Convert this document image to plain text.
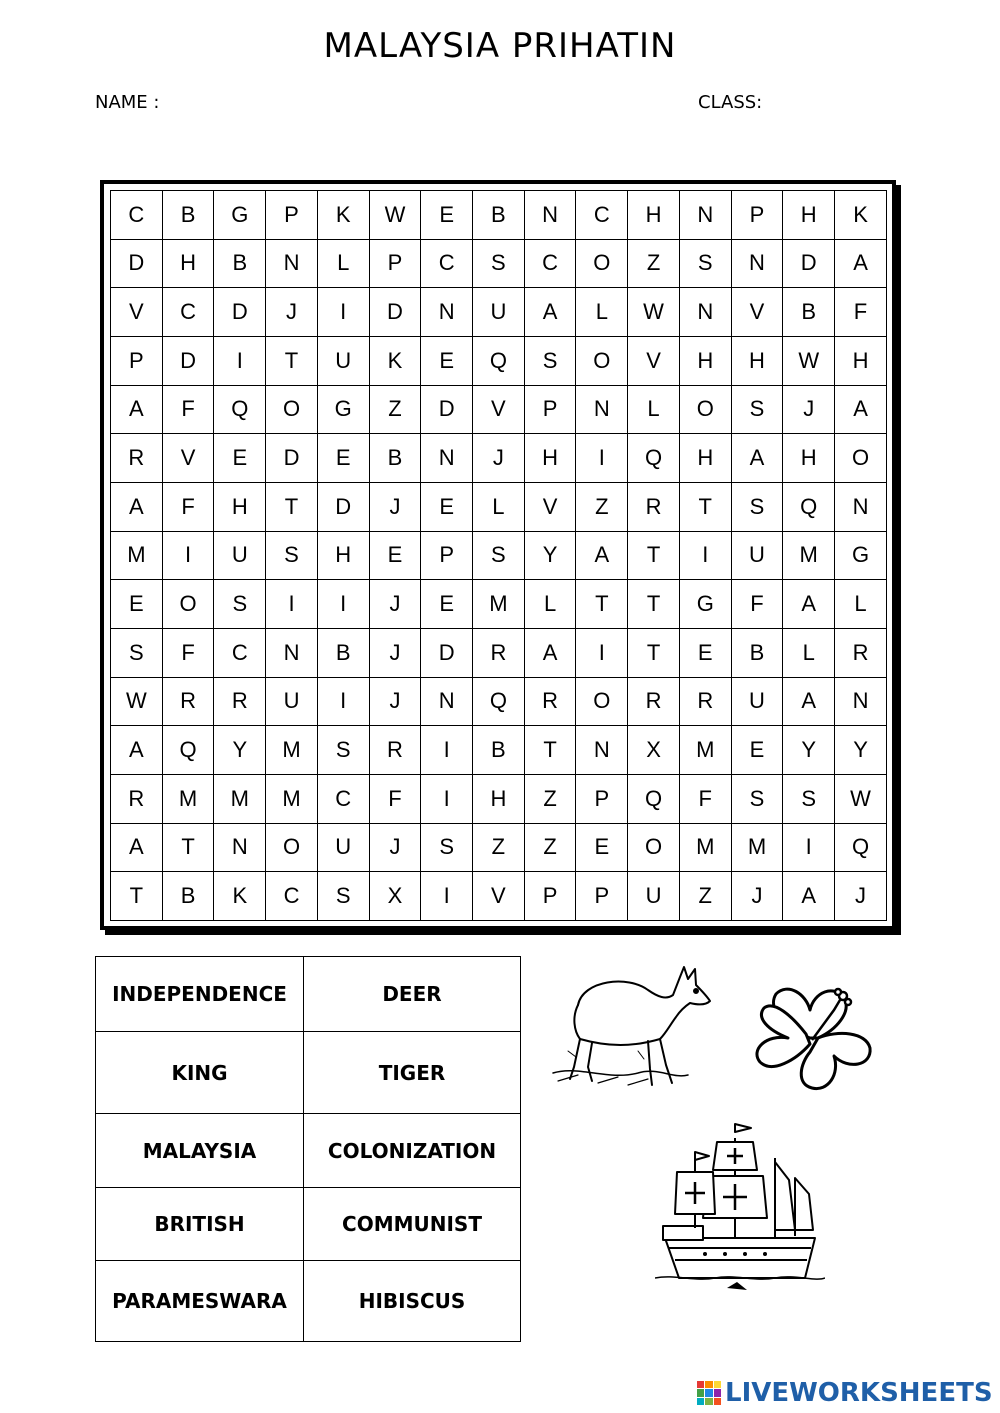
MALAYSIA PRIHATIN
NAME :	CLASS:
C	B	G	P	K	W	E	B	N	C	H	N	P	H	K
D	H	B	N	L	P	C	S	C	O	Z	S	N	D	A
V	C	D	J	I	D	N	U	A	L	W	N	V	B	F
P	D	I	T	U	K	E	Q	S	O	V	H	H	W	H
A	F	Q	O	G	Z	D	V	P	N	L	O	S	J	A
R	V	E	D	E	B	N	J	H	I	Q	H	A	H	O
A	F	H	T	D	J	E	L	V	Z	R	T	S	Q	N
M	I	U	S	H	E	P	S	Y	A	T	I	U	M	G
E	O	S	I	I	J	E	M	L	T	T	G	F	A	L
S	F	C	N	B	J	D	R	A	I	T	E	B	L	R
W	R	R	U	I	J	N	Q	R	O	R	R	U	A	N
A	Q	Y	M	S	R	I	B	T	N	X	M	E	Y	Y
R	M	M	M	C	F	I	H	Z	P	Q	F	S	S	W
A	T	N	O	U	J	S	Z	Z	E	O	M	M	I	Q
T	B	K	C	S	X	I	V	P	P	U	Z	J	A	J
INDEPENDENCE	DEER
KING	TIGER
MALAYSIA	COLONIZATION
BRITISH	COMMUNIST
PARAMESWARA	HIBISCUS
LIVEWORKSHEETS
